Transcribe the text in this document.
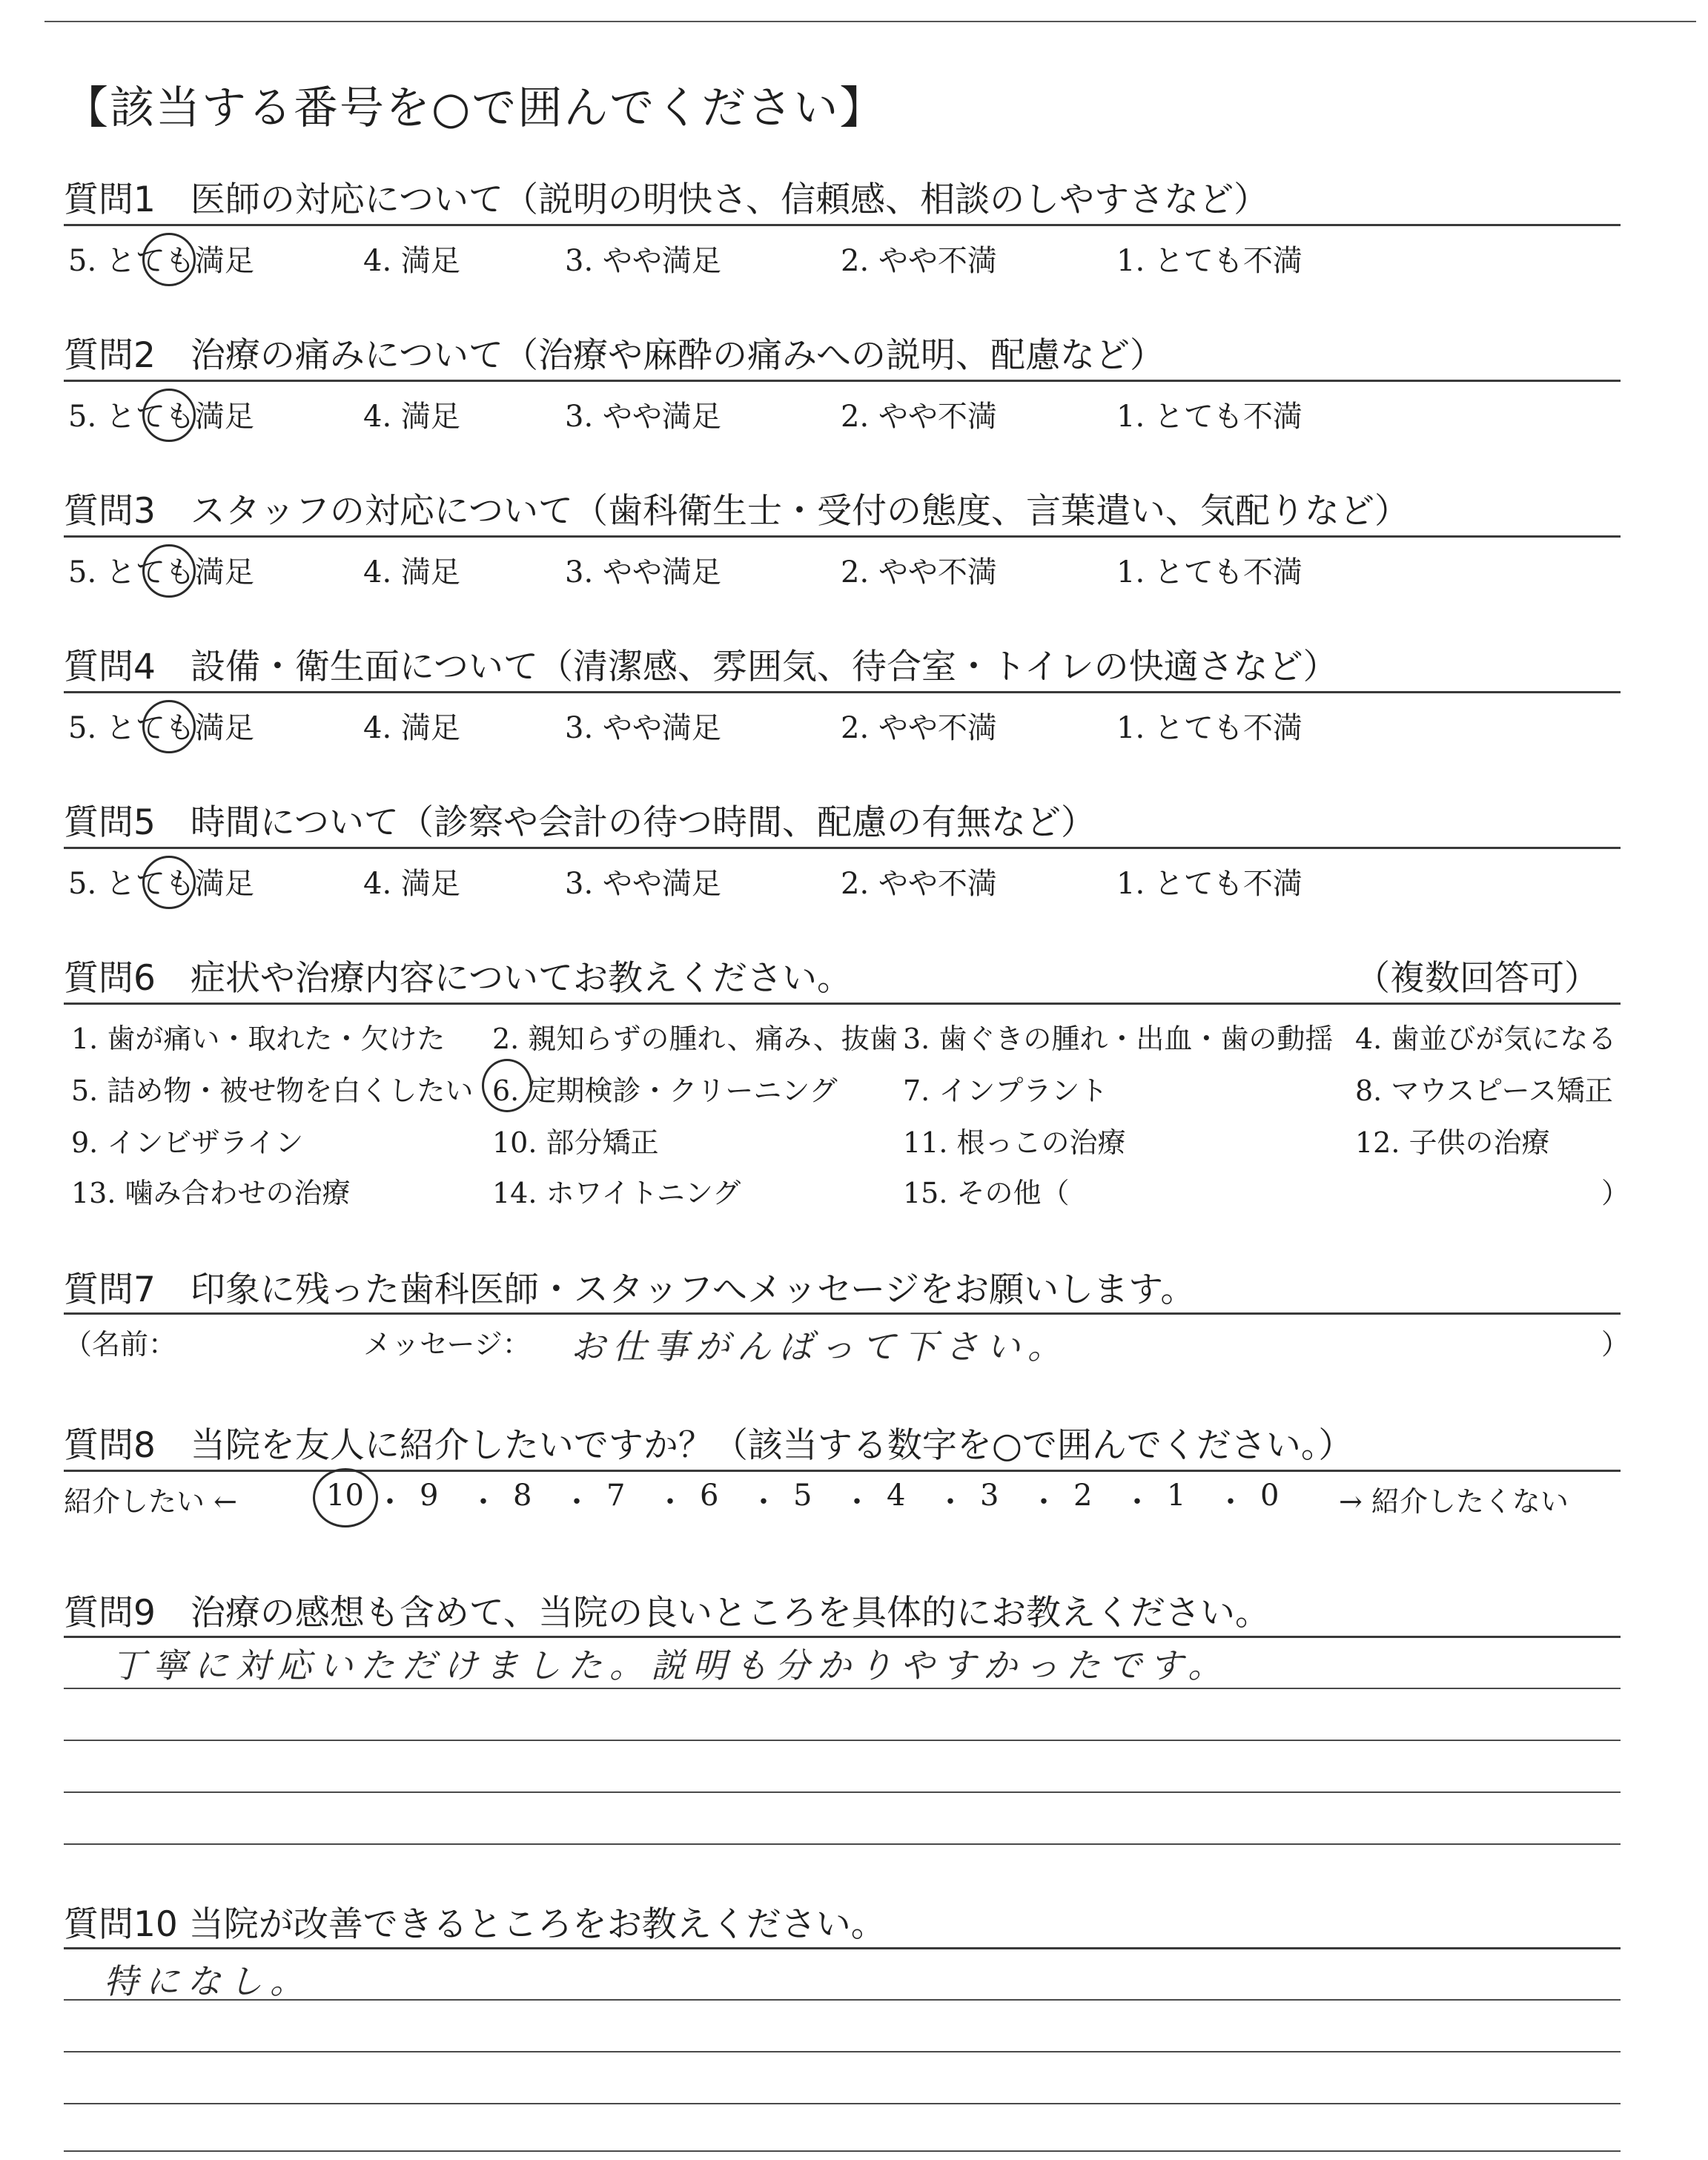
【該当する番号を○で囲んでください】
質問1　医師の対応について（説明の明快さ、信頼感、相談のしやすさなど）
5. とても満足	4. 満足	3. やや満足	2. やや不満	1. とても不満
質問2　治療の痛みについて（治療や麻酔の痛みへの説明、配慮など）
5. とても満足	4. 満足	3. やや満足	2. やや不満	1. とても不満
質問3　スタッフの対応について（歯科衛生士・受付の態度、言葉遣い、気配りなど）
5. とても満足	4. 満足	3. やや満足	2. やや不満	1. とても不満
質問4　設備・衛生面について（清潔感、雰囲気、待合室・トイレの快適さなど）
5. とても満足	4. 満足	3. やや満足	2. やや不満	1. とても不満
質問5　時間について（診察や会計の待つ時間、配慮の有無など）
5. とても満足	4. 満足	3. やや満足	2. やや不満	1. とても不満
質問6　症状や治療内容についてお教えください。	（複数回答可）
1. 歯が痛い・取れた・欠けた 2. 親知らずの腫れ、痛み、抜歯 3. 歯ぐきの腫れ・出血・歯の動揺 4. 歯並びが気になる
5. 詰め物・被せ物を白くしたい 6. 定期検診・クリーニング 7. インプラント	8. マウスピース矯正
9. インビザライン	10. 部分矯正	11. 根っこの治療	12. 子供の治療
13. 噛み合わせの治療	14. ホワイトニング	15. その他（	）
質問7　印象に残った歯科医師・スタッフへメッセージをお願いします。
（名前：	メッセージ： お仕事がんばって下さい。	）
質問8　当院を友人に紹介したいですか？（該当する数字を○で囲んでください。）
紹介したい ←	10 ・ 9 ・ 8 ・ 7 ・ 6 ・ 5 ・ 4 ・ 3 ・ 2 ・ 1 ・ 0 → 紹介したくない
質問9　治療の感想も含めて、当院の良いところを具体的にお教えください。
丁寧に対応いただけました。説明も分かりやすかったです。
質問10 当院が改善できるところをお教えください。
特になし。
